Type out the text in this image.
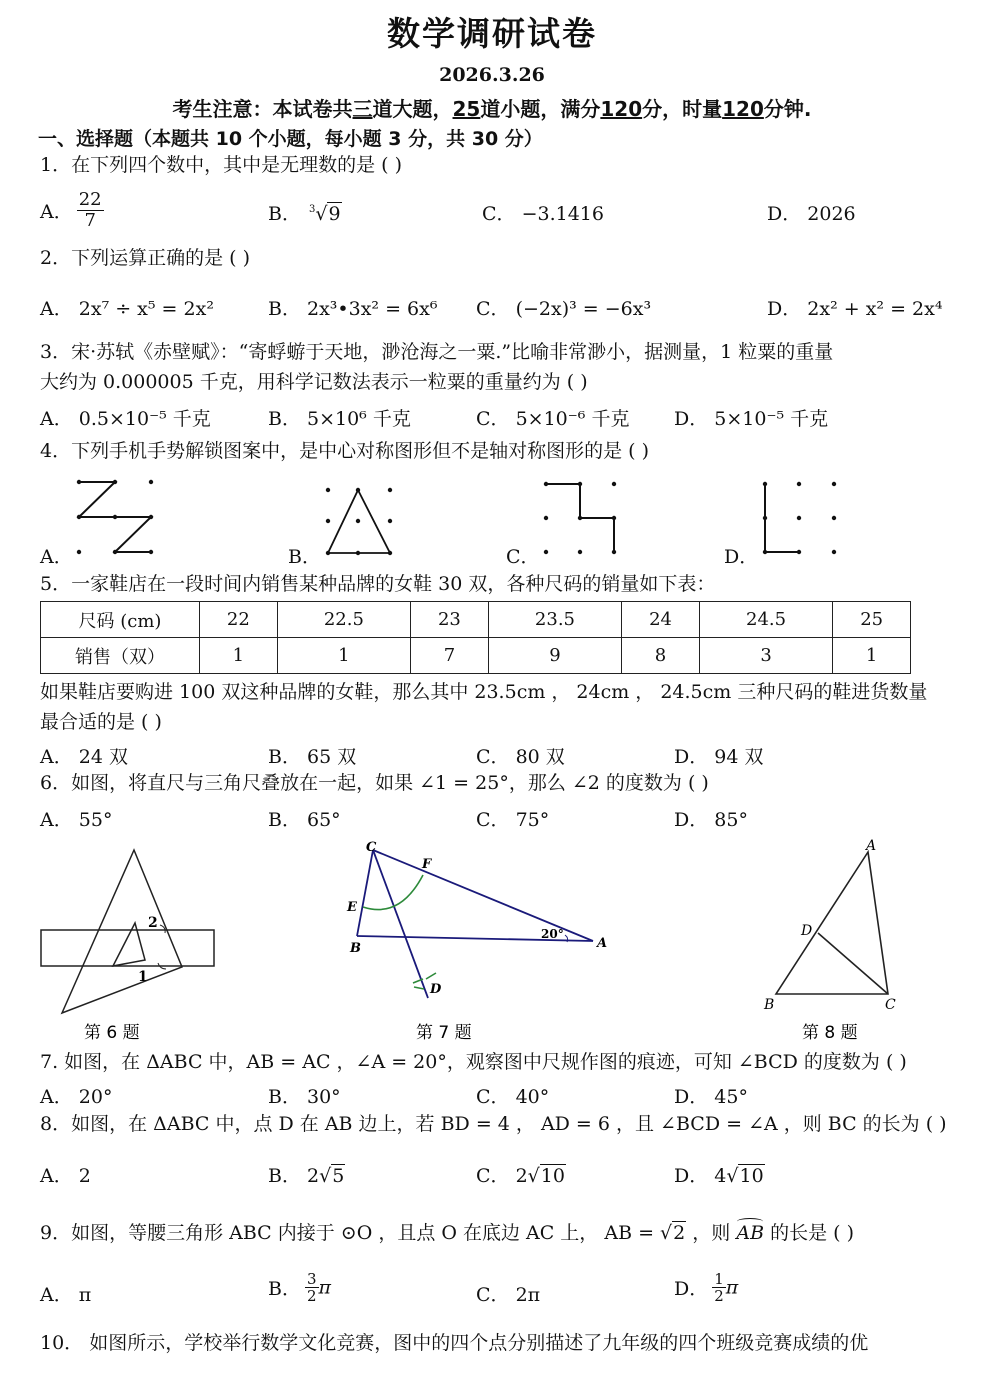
数学调研试卷
2026.3.26
考生注意：本试卷共三道大题，25道小题，满分120分，时量120分钟.
一、选择题（本题共 10 个小题，每小题 3 分，共 30 分）
1．在下列四个数中，其中是无理数的是 ( )
A． $\frac{22}{7}$	B． $^3$√9	C． −3.1416	D． 2026
2．下列运算正确的是 ( )
A． 2x⁷ ÷ x⁵ = 2x²	B． 2x³•3x² = 6x⁶ C． (−2x)³ = −6x³	D． 2x² + x² = 2x⁴
3．宋·苏轼《赤壁赋》：“寄蜉蝣于天地，渺沧海之一粟.”比喻非常渺小，据测量，1 粒粟的重量
大约为 0.000005 千克，用科学记数法表示一粒粟的重量约为 ( )
A． 0.5×10⁻⁵ 千克	B． 5×10⁶ 千克	C． 5×10⁻⁶ 千克 D． 5×10⁻⁵ 千克
4．下列手机手势解锁图案中，是中心对称图形但不是轴对称图形的是 ( )
A．	B．	C．	D．
5．一家鞋店在一段时间内销售某种品牌的女鞋 30 双，各种尺码的销量如下表：
尺码 (cm)	22	22.5	23	23.5	24	24.5	25
销售（双）	1	1	7	9	8	3	1
如果鞋店要购进 100 双这种品牌的女鞋，那么其中 23.5cm ， 24cm ， 24.5cm 三种尺码的鞋进货数量
最合适的是 ( )
A． 24 双	B． 65 双	C． 80 双	D． 94 双
6．如图，将直尺与三角尺叠放在一起，如果 ∠1 = 25°，那么 ∠2 的度数为 ( )
A． 55°	B． 65°	C． 75°	D． 85°
2
1
第 6 题
C
F
E
B	A
D
20°
第 7 题
A
D
B	C
第 8 题
7. 如图，在 ΔABC 中，AB = AC ，∠A = 20°，观察图中尺规作图的痕迹，可知 ∠BCD 的度数为 ( )
A． 20°	B． 30°	C． 40°	D． 45°
8．如图，在 ΔABC 中，点 D 在 AB 边上，若 BD = 4 ， AD = 6 ，且 ∠BCD = ∠A ，则 BC 的长为 ( )
A． 2	B． 2√5	C． 2√10	D． 4√10
9．如图，等腰三角形 ABC 内接于 ⊙O ，且点 O 在底边 AC 上， AB = √2 ，则
AB 的长是 ( )
A． π	B． $\frac{3}{2}$ π	C． 2π	D． $\frac{1}{2}$ π
10． 如图所示，学校举行数学文化竞赛，图中的四个点分别描述了九年级的四个班级竞赛成绩的优
